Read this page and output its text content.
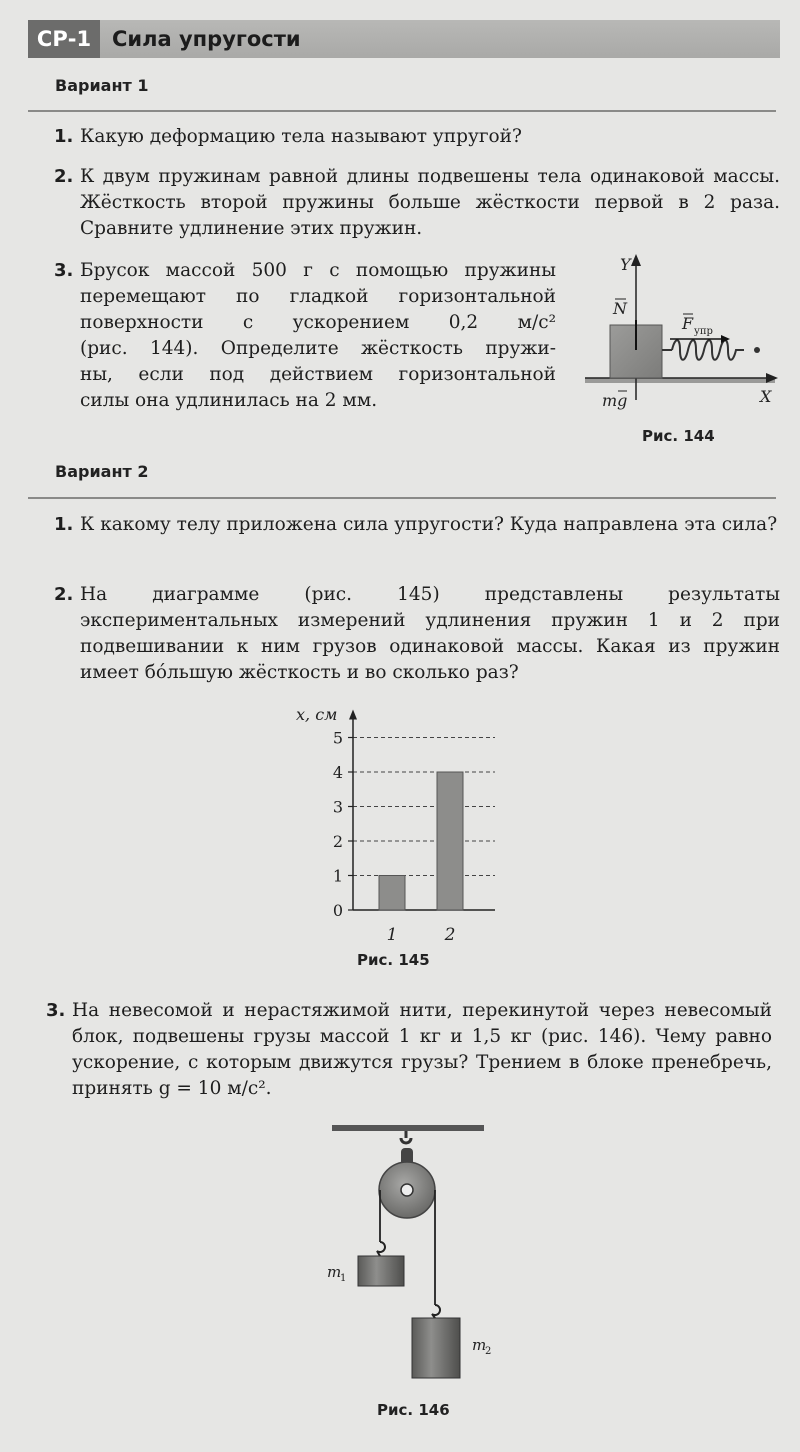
СР-1 Сила упругости
Вариант 1
1. Какую деформацию тела называют упругой?
2. К двум пружинам равной длины подвешены тела одинаковой массы. Жёсткость второй пружины больше жёсткости первой в 2 раза. Сравните удлинение этих пружин.
3. Брусок массой 500 г с помощью пружины
перемещают по гладкой горизонтальной
поверхности с ускорением 0,2 м/с²
(рис. 144). Определите жёсткость пружи-
ны, если под действием горизонтальной
силы она удлинилась на 2 мм.
Y
X
N
F упр
mg
Рис. 144
Вариант 2
1. К какому телу приложена сила упругости? Куда направлена эта сила?
2. На диаграмме (рис. 145) представлены результаты экспериментальных измерений удлинения пружин 1 и 2 при подвешивании к ним грузов одинаковой массы. Какая из пружин имеет бóльшую жёсткость и во сколько раз?
0
1
2
3
4
5
x, см
1	2
Рис. 145
3. На невесомой и нерастяжимой нити, перекинутой через невесомый блок, подвешены грузы массой 1 кг и 1,5 кг (рис. 146). Чему равно ускорение, с которым движутся грузы? Трением в блоке пренебречь, принять g = 10 м/с².
m
1
m
2
Рис. 146
